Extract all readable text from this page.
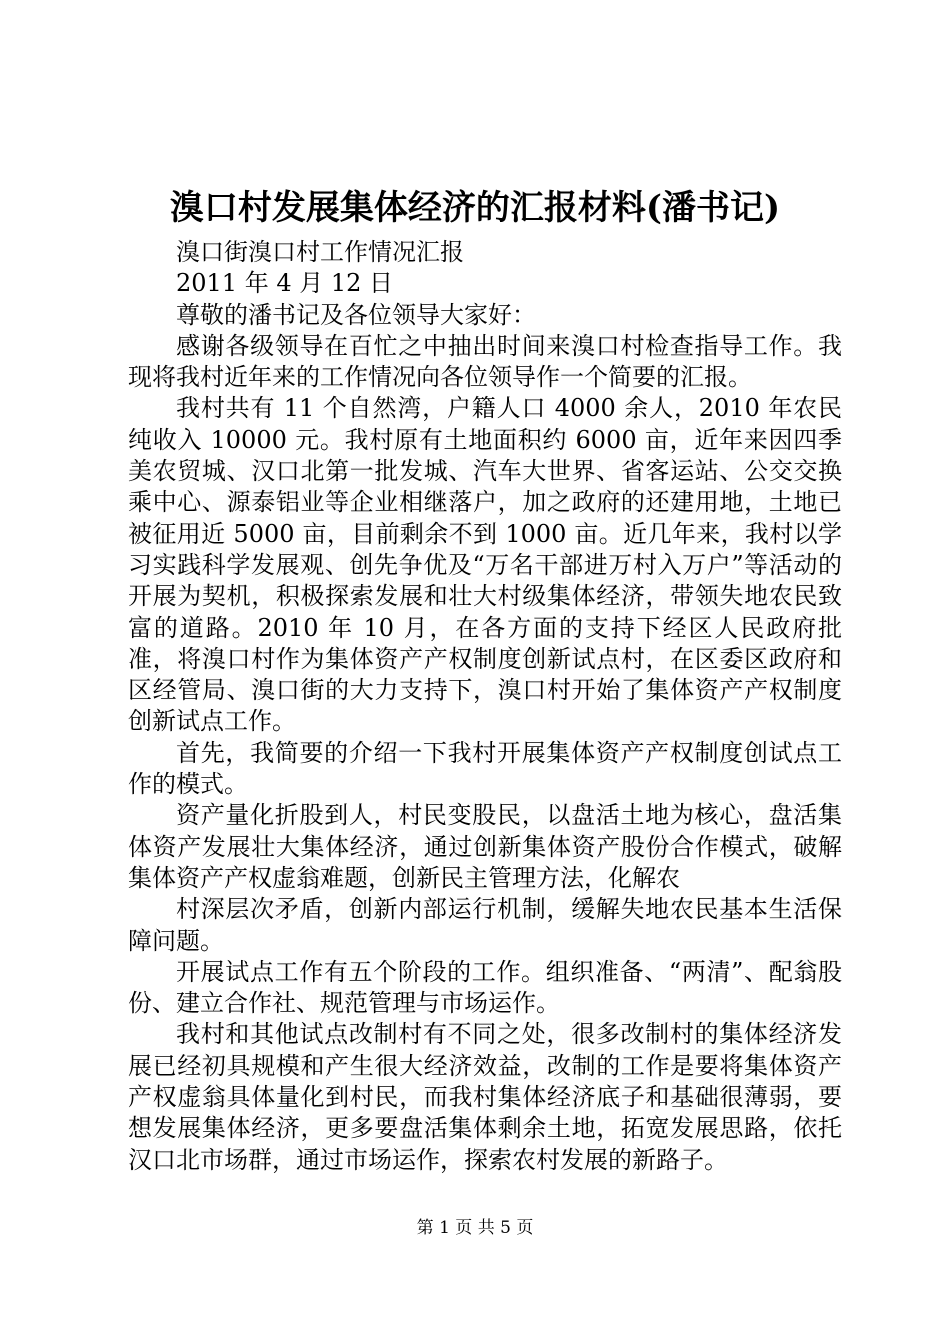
溴口村发展集体经济的汇报材料(潘书记)

溴口街溴口村工作情况汇报

2011 年 4 月 12 日

尊敬的潘书记及各位领导大家好：

感谢各级领导在百忙之中抽出时间来溴口村检查指导工作。我现将我村近年来的工作情况向各位领导作一个简要的汇报。

我村共有 11 个自然湾，户籍人口 4000 余人，2010 年农民纯收入 10000 元。我村原有土地面积约 6000 亩，近年来因四季美农贸城、汉口北第一批发城、汽车大世界、省客运站、公交交换乘中心、源泰铝业等企业相继落户，加之政府的还建用地，土地已被征用近 5000 亩，目前剩余不到 1000 亩。近几年来，我村以学习实践科学发展观、创先争优及“万名干部进万村入万户”等活动的开展为契机，积极探索发展和壮大村级集体经济，带领失地农民致富的道路。2010 年 10 月，在各方面的支持下经区人民政府批准，将溴口村作为集体资产产权制度创新试点村，在区委区政府和区经管局、溴口街的大力支持下，溴口村开始了集体资产产权制度创新试点工作。

首先，我简要的介绍一下我村开展集体资产产权制度创试点工作的模式。

资产量化折股到人，村民变股民，以盘活土地为核心，盘活集体资产发展壮大集体经济，通过创新集体资产股份合作模式，破解集体资产产权虚翁难题，创新民主管理方法，化解农

村深层次矛盾，创新内部运行机制，缓解失地农民基本生活保障问题。

开展试点工作有五个阶段的工作。组织准备、“两清”、配翁股份、建立合作社、规范管理与市场运作。

我村和其他试点改制村有不同之处，很多改制村的集体经济发展已经初具规模和产生很大经济效益，改制的工作是要将集体资产产权虚翁具体量化到村民，而我村集体经济底子和基础很薄弱，要想发展集体经济，更多要盘活集体剩余土地，拓宽发展思路，依托汉口北市场群，通过市场运作，探索农村发展的新路子。

第 1 页 共 5 页
